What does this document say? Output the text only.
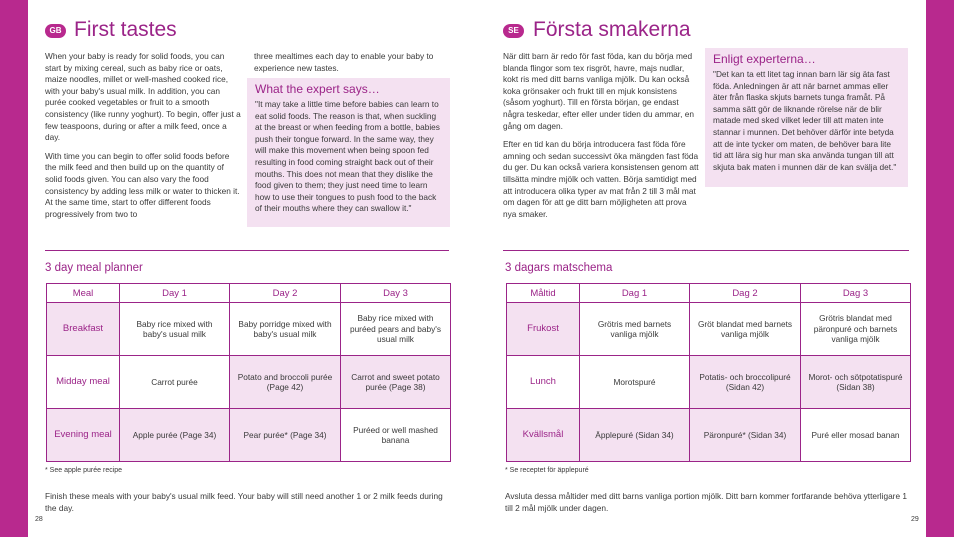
GB First tastes

When your baby is ready for solid foods, you can start by mixing cereal, such as baby rice or oats, maize noodles, millet or well-mashed cooked rice, with your baby's usual milk. In addition, you can purée cooked vegetables or fruit to a smooth consistency (like runny yoghurt). To begin, offer just a few teaspoons, during or after a milk feed, once a day.

With time you can begin to offer solid foods before the milk feed and then build up on the quantity of solid foods given. You can also vary the food consistency by adding less milk or water to thicken it. At the same time, start to offer different foods progressively from two to

three mealtimes each day to enable your baby to experience new tastes.

What the expert says…

"It may take a little time before babies can learn to eat solid foods. The reason is that, when suckling at the breast or when feeding from a bottle, babies push their tongue forward. In the same way, they will make this movement when being spoon fed resulting in food coming straight back out of their mouths. This does not mean that they dislike the food given to them; they just need time to learn how to use their tongues to push food to the back of their mouths where they can swallow it."

3 day meal planner
Meal	Day 1	Day 2	Day 3
Breakfast	Baby rice mixed with baby's usual milk	Baby porridge mixed with baby's usual milk	Baby rice mixed with puréed pears and baby's usual milk
Midday meal	Carrot purée	Potato and broccoli purée (Page 42)	Carrot and sweet potato purée (Page 38)
Evening meal	Apple purée (Page 34)	Pear purée* (Page 34)	Puréed or well mashed banana
* See apple purée recipe
Finish these meals with your baby's usual milk feed. Your baby will still need another 1 or 2 milk feeds during the day.
28
SE Första smakerna

När ditt barn är redo för fast föda, kan du börja med blanda flingor som tex risgröt, havre, majs nudlar, kokt ris med ditt barns vanliga mjölk. Du kan också koka grönsaker och frukt till en mjuk konsistens (såsom yoghurt). Till en första början, ge endast några teskedar, efter eller under tiden du ammar, en gång om dagen.

Efter en tid kan du börja introducera fast föda före amning och sedan successivt öka mängden fast föda du ger. Du kan också variera konsistensen genom att tillsätta mindre mjölk och vatten. Börja samtidigt med att introducera olika typer av mat från 2 till 3 mål mat om dagen för att ge ditt barn möjligheten att prova nya smaker.

Enligt experterna…

"Det kan ta ett litet tag innan barn lär sig äta fast föda. Anledningen är att när barnet ammas eller äter från flaska skjuts barnets tunga framåt. På samma sätt gör de liknande rörelse när de blir matade med sked vilket leder till att maten inte stannar i munnen. Det behöver därför inte betyda att de inte tycker om maten, de behöver bara lite tid att lära sig hur man ska använda tungan till att skjuta bak maten i munnen där de kan svälja det."

3 dagars matschema
Måltid	Dag 1	Dag 2	Dag 3
Frukost	Grötris med barnets vanliga mjölk	Gröt blandat med barnets vanliga mjölk	Grötris blandat med päronpuré och barnets vanliga mjölk
Lunch	Morotspuré	Potatis- och broccolipuré (Sidan 42)	Morot- och sötpotatispuré (Sidan 38)
Kvällsmål	Äpplepuré (Sidan 34)	Päronpuré* (Sidan 34)	Puré eller mosad banan
* Se receptet för äpplepuré
Avsluta dessa måltider med ditt barns vanliga portion mjölk. Ditt barn kommer fortfarande behöva ytterligare 1 till 2 mål mjölk under dagen.
29
